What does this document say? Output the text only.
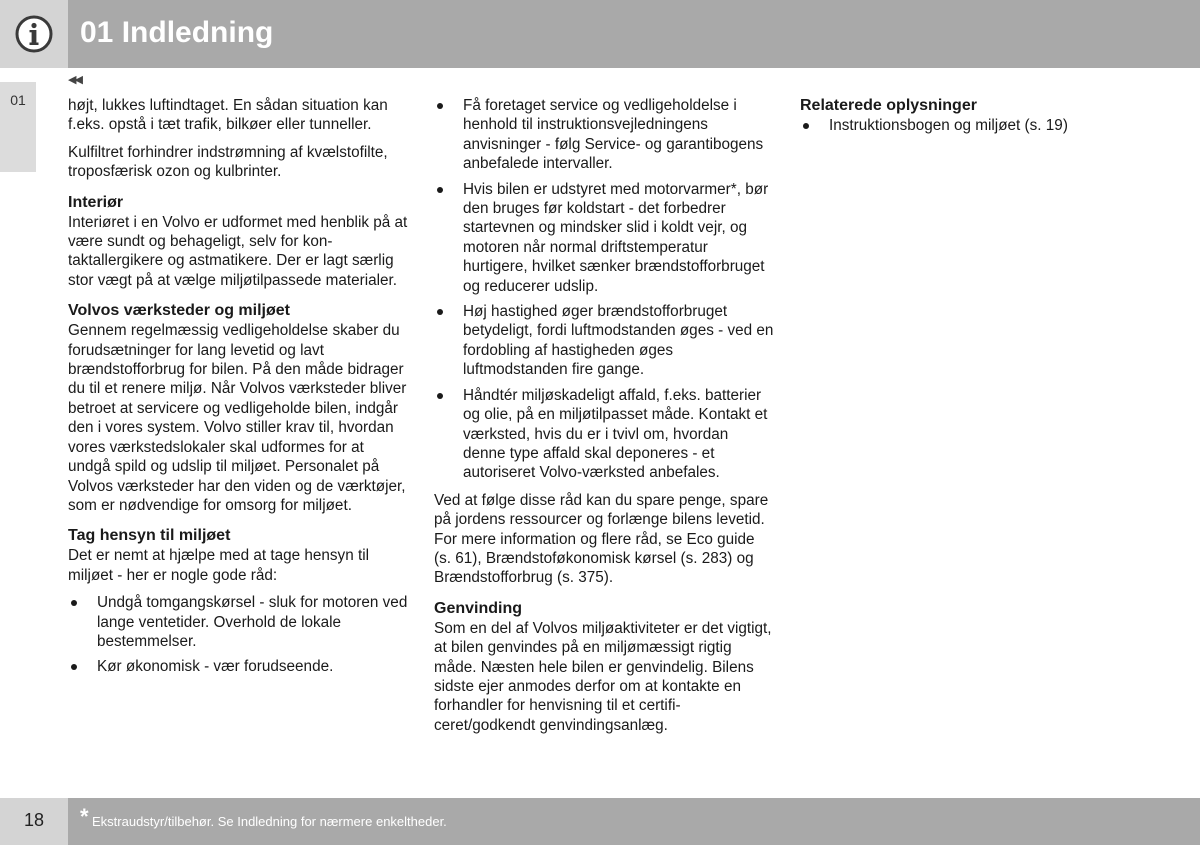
01 Indledning
01
◀◀

højt, lukkes luftindtaget. En sådan situation kan f.eks. opstå i tæt trafik, bilkøer eller tunneller.

Kulfiltret forhindrer indstrømning af kvælstofilte, troposfærisk ozon og kulbrinter.

Interiør

Interiøret i en Volvo er udformet med henblik på at være sundt og behageligt, selv for kontaktallergikere og astmatikere. Der er lagt særlig stor vægt på at vælge miljøtilpassede materialer.

Volvos værksteder og miljøet

Gennem regelmæssig vedligeholdelse skaber du forudsætninger for lang levetid og lavt brændstofforbrug for bilen. På den måde bidrager du til et renere miljø. Når Volvos værksteder bliver betroet at servicere og vedligeholde bilen, indgår den i vores system. Volvo stiller krav til, hvordan vores værkstedslokaler skal udformes for at undgå spild og udslip til miljøet. Personalet på Volvos værksteder har den viden og de værktøjer, som er nødvendige for omsorg for miljøet.

Tag hensyn til miljøet

Det er nemt at hjælpe med at tage hensyn til miljøet - her er nogle gode råd:

Undgå tomgangskørsel - sluk for motoren ved lange ventetider. Overhold de lokale bestemmelser.
Kør økonomisk - vær forudseende.
Få foretaget service og vedligeholdelse i henhold til instruktionsvejledningens anvisninger - følg Service- og garantibogens anbefalede intervaller.
Hvis bilen er udstyret med motorvarmer*, bør den bruges før koldstart - det forbedrer startevnen og mindsker slid i koldt vejr, og motoren når normal driftstemperatur hurtigere, hvilket sænker brændstofforbruget og reducerer udslip.
Høj hastighed øger brændstofforbruget betydeligt, fordi luftmodstanden øges - ved en fordobling af hastigheden øges luftmodstanden fire gange.
Håndtér miljøskadeligt affald, f.eks. batterier og olie, på en miljøtilpasset måde. Kontakt et værksted, hvis du er i tvivl om, hvordan denne type affald skal deponeres - et autoriseret Volvo-værksted anbefales.

Ved at følge disse råd kan du spare penge, spare på jordens ressourcer og forlænge bilens levetid. For mere information og flere råd, se Eco guide (s. 61), Brændstoføkonomisk kørsel (s. 283) og Brændstofforbrug (s. 375).

Genvinding

Som en del af Volvos miljøaktiviteter er det vigtigt, at bilen genvindes på en miljømæssigt rigtig måde. Næsten hele bilen er genvindelig. Bilens sidste ejer anmodes derfor om at kontakte en forhandler for henvisning til et certificeret/godkendt genvindingsanlæg.

Relaterede oplysninger
Instruktionsbogen og miljøet (s. 19)
18	* Ekstraudstyr/tilbehør. Se Indledning for nærmere enkeltheder.
